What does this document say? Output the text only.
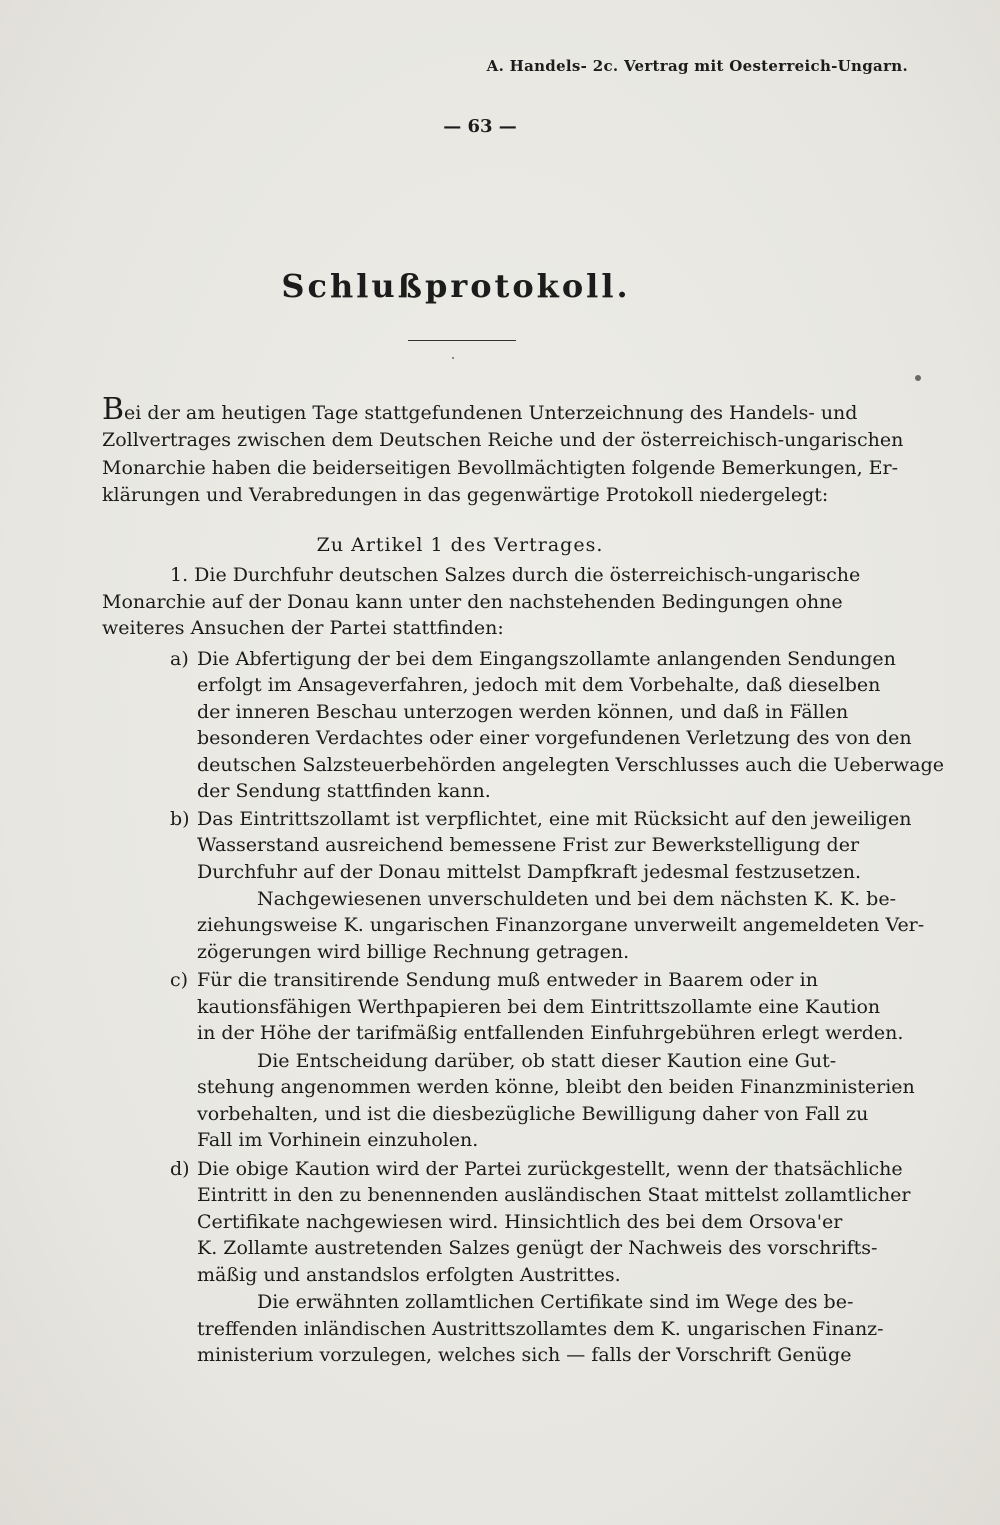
A. Handels- 2c. Vertrag mit Oesterreich-Ungarn.
— 63 —
Schlußprotokoll.
Bei der am heutigen Tage stattgefundenen Unterzeichnung des Handels- und
Zollvertrages zwischen dem Deutschen Reiche und der österreichisch-ungarischen
Monarchie haben die beiderseitigen Bevollmächtigten folgende Bemerkungen, Er-
klärungen und Verabredungen in das gegenwärtige Protokoll niedergelegt:
Zu Artikel 1 des Vertrages.
1. Die Durchfuhr deutschen Salzes durch die österreichisch-ungarische
Monarchie auf der Donau kann unter den nachstehenden Bedingungen ohne
weiteres Ansuchen der Partei stattfinden:
a) Die Abfertigung der bei dem Eingangszollamte anlangenden Sendungen
erfolgt im Ansageverfahren, jedoch mit dem Vorbehalte, daß dieselben
der inneren Beschau unterzogen werden können, und daß in Fällen
besonderen Verdachtes oder einer vorgefundenen Verletzung des von den
deutschen Salzsteuerbehörden angelegten Verschlusses auch die Ueberwage
der Sendung stattfinden kann.
b) Das Eintrittszollamt ist verpflichtet, eine mit Rücksicht auf den jeweiligen
Wasserstand ausreichend bemessene Frist zur Bewerkstelligung der
Durchfuhr auf der Donau mittelst Dampfkraft jedesmal festzusetzen.
Nachgewiesenen unverschuldeten und bei dem nächsten K. K. be-
ziehungsweise K. ungarischen Finanzorgane unverweilt angemeldeten Ver-
zögerungen wird billige Rechnung getragen.
c) Für die transitirende Sendung muß entweder in Baarem oder in
kautionsfähigen Werthpapieren bei dem Eintrittszollamte eine Kaution
in der Höhe der tarifmäßig entfallenden Einfuhrgebühren erlegt werden.
Die Entscheidung darüber, ob statt dieser Kaution eine Gut-
stehung angenommen werden könne, bleibt den beiden Finanzministerien
vorbehalten, und ist die diesbezügliche Bewilligung daher von Fall zu
Fall im Vorhinein einzuholen.
d) Die obige Kaution wird der Partei zurückgestellt, wenn der thatsächliche
Eintritt in den zu benennenden ausländischen Staat mittelst zollamtlicher
Certifikate nachgewiesen wird. Hinsichtlich des bei dem Orsova'er
K. Zollamte austretenden Salzes genügt der Nachweis des vorschrifts-
mäßig und anstandslos erfolgten Austrittes.
Die erwähnten zollamtlichen Certifikate sind im Wege des be-
treffenden inländischen Austrittszollamtes dem K. ungarischen Finanz-
ministerium vorzulegen, welches sich — falls der Vorschrift Genüge
